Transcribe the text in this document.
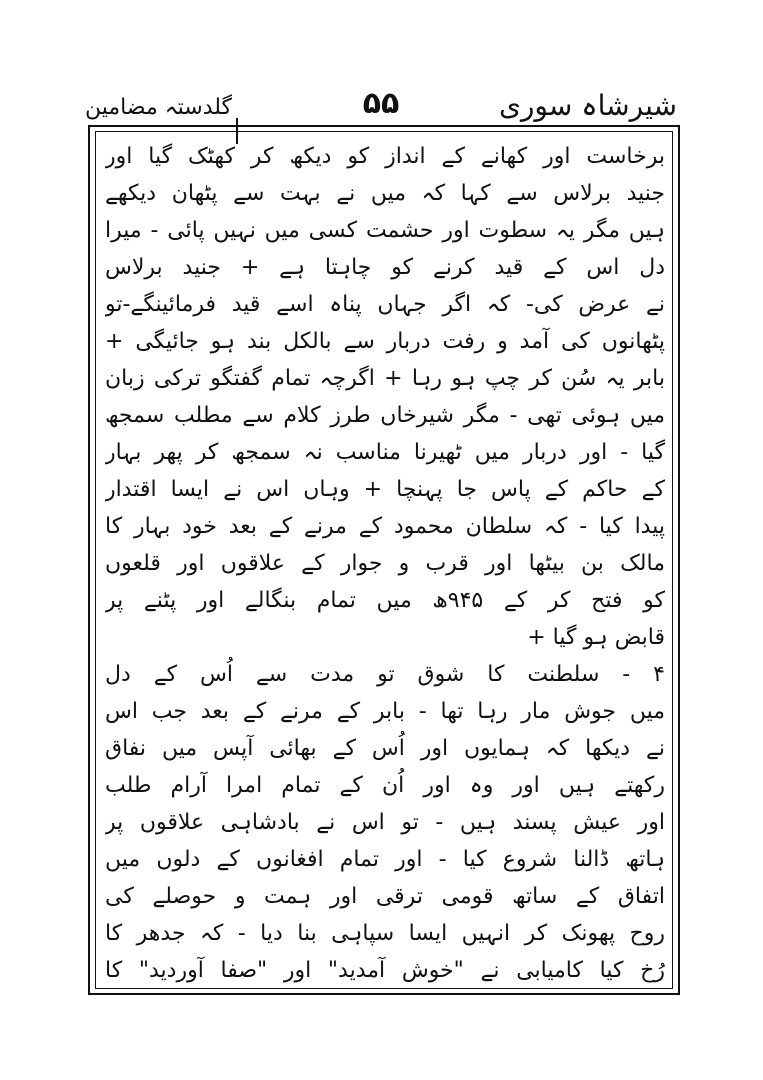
شیرشاہ سوری
۵۵
گلدستہ مضامین
برخاست اور کھانے کے انداز کو دیکھ کر کھٹک گیا اور
جنید برلاس سے کہا کہ میں نے بہت سے پٹھان دیکھے
ہیں مگر یہ سطوت اور حشمت کسی میں نہیں پائی - میرا
دل اس کے قید کرنے کو چاہتا ہے + جنید برلاس
نے عرض کی- کہ اگر جہاں پناہ اسے قید فرمائینگے-تو
پٹھانوں کی آمد و رفت دربار سے بالکل بند ہو جائیگی +
بابر یہ سُن کر چپ ہو رہا + اگرچہ تمام گفتگو ترکی زبان
میں ہوئی تھی - مگر شیرخاں طرز کلام سے مطلب سمجھ
گیا - اور دربار میں ٹھیرنا مناسب نہ سمجھ کر پھر بہار
کے حاکم کے پاس جا پہنچا + وہاں اس نے ایسا اقتدار
پیدا کیا - کہ سلطان محمود کے مرنے کے بعد خود بہار کا
مالک بن بیٹھا اور قرب و جوار کے علاقوں اور قلعوں
کو فتح کر کے ۹۴۵ھ میں تمام بنگالے اور پٹنے پر
قابض ہو گیا +
۴ - سلطنت کا شوق تو مدت سے اُس کے دل
میں جوش مار رہا تھا - بابر کے مرنے کے بعد جب اس
نے دیکھا کہ ہمایوں اور اُس کے بھائی آپس میں نفاق
رکھتے ہیں اور وہ اور اُن کے تمام امرا آرام طلب
اور عیش پسند ہیں - تو اس نے بادشاہی علاقوں پر
ہاتھ ڈالنا شروع کیا - اور تمام افغانوں کے دلوں میں
اتفاق کے ساتھ قومی ترقی اور ہمت و حوصلے کی
روح پھونک کر انہیں ایسا سپاہی بنا دیا - کہ جدھر کا
رُخ کیا کامیابی نے "خوش آمدید" اور "صفا آوردید" کا
